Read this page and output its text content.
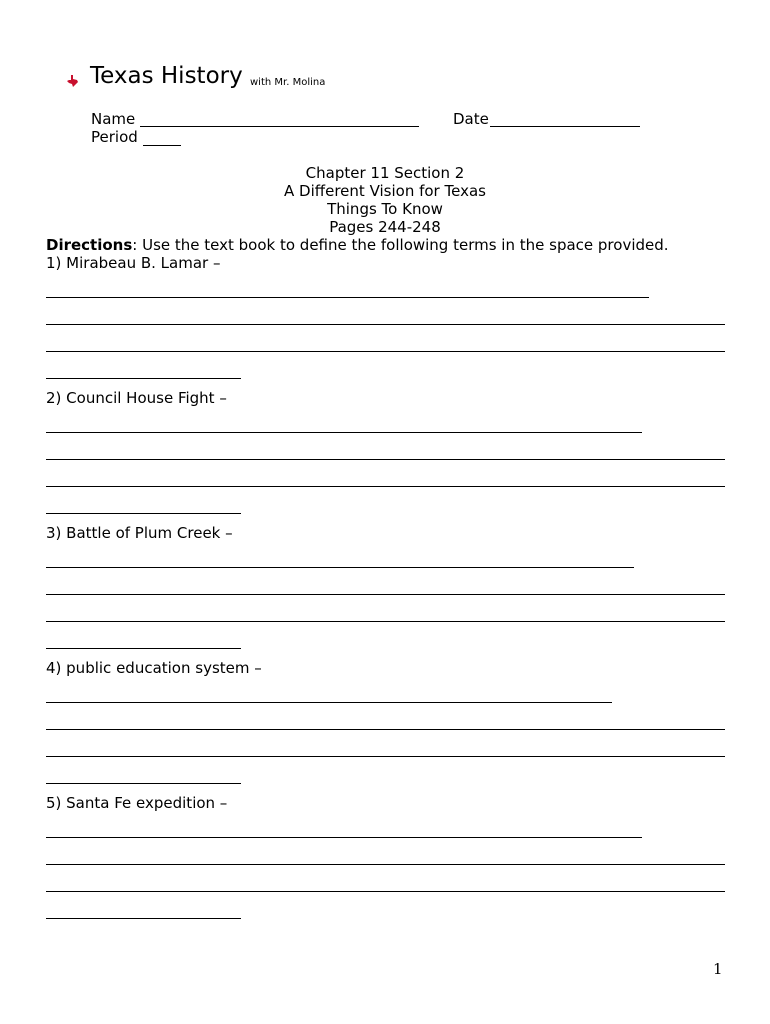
Texas History with Mr. Molina
Name	Date
Period
Chapter 11 Section 2
A Different Vision for Texas
Things To Know
Pages 244-248
Directions: Use the text book to define the following terms in the space provided.
1) Mirabeau B. Lamar –
2) Council House Fight –
3) Battle of Plum Creek –
4) public education system –
5) Santa Fe expedition –
1
